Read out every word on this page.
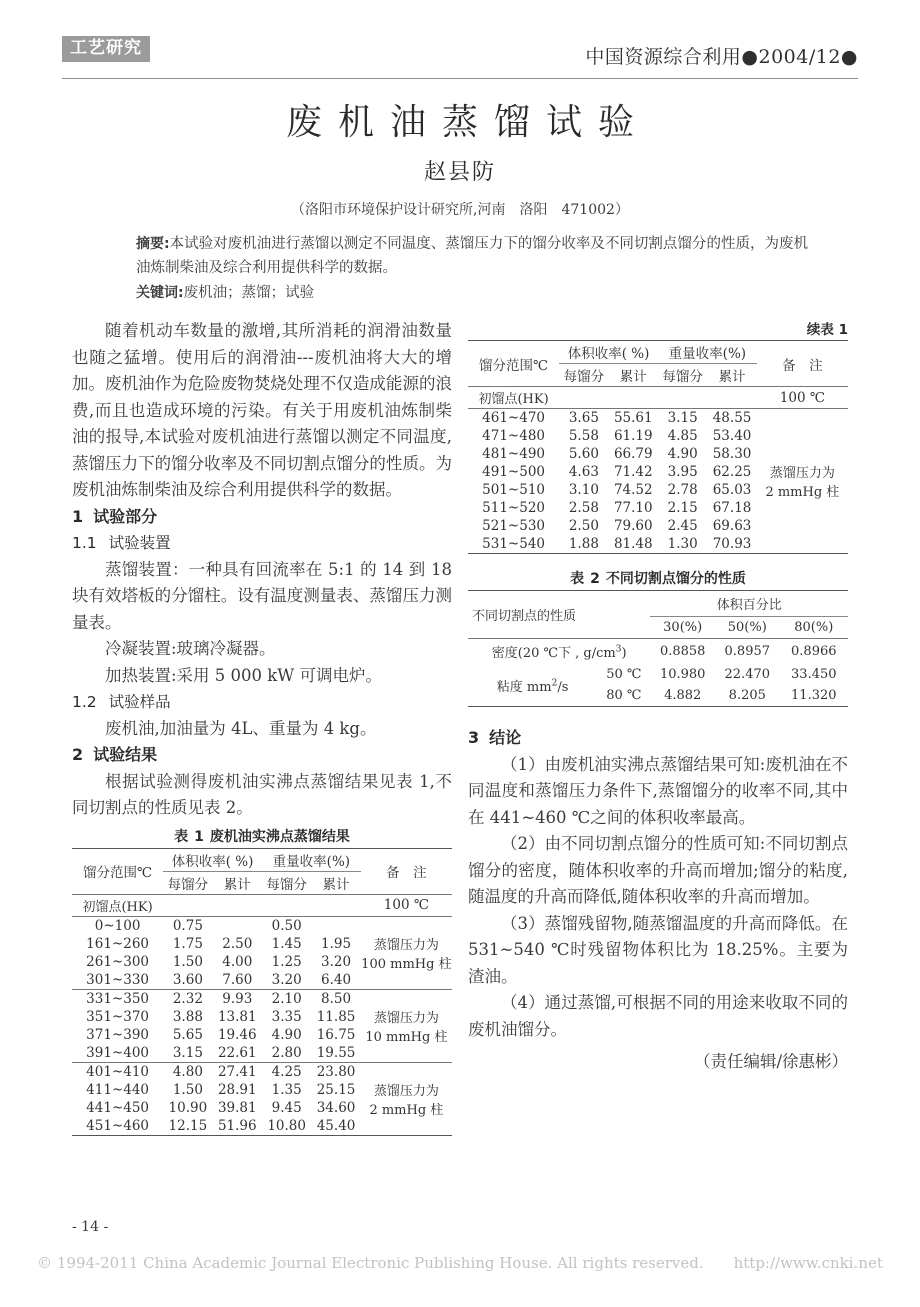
工艺研究	中国资源综合利用●2004/12●
废机油蒸馏试验
赵县防
（洛阳市环境保护设计研究所,河南　洛阳　471002）
摘要:本试验对废机油进行蒸馏以测定不同温度、蒸馏压力下的馏分收率及不同切割点馏分的性质，为废机油炼制柴油及综合利用提供科学的数据。
关键词:废机油；蒸馏；试验

随着机动车数量的激增,其所消耗的润滑油数量也随之猛增。使用后的润滑油---废机油将大大的增加。废机油作为危险废物焚烧处理不仅造成能源的浪费,而且也造成环境的污染。有关于用废机油炼制柴油的报导,本试验对废机油进行蒸馏以测定不同温度,蒸馏压力下的馏分收率及不同切割点馏分的性质。为废机油炼制柴油及综合利用提供科学的数据。

1 试验部分
1.1 试验装置

蒸馏装置：一种具有回流率在 5:1 的 14 到 18 块有效塔板的分馏柱。设有温度测量表、蒸馏压力测量表。

冷凝装置:玻璃冷凝器。

加热装置:采用 5 000 kW 可调电炉。

1.2 试验样品

废机油,加油量为 4L、重量为 4 kg。

2 试验结果

根据试验测得废机油实沸点蒸馏结果见表 1,不同切割点的性质见表 2。

表 1 废机油实沸点蒸馏结果
馏分范围℃	体积收率( %)		重量收率(%)		备　注
	每馏分	累计	每馏分	累计	
初馏点(HK)					100 ℃
0~100	0.75		0.50		蒸馏压力为
100 mmHg 柱

161~260	1.75	2.50	1.45	1.95	
261~300	1.50	4.00	1.25	3.20	
301~330	3.60	7.60	3.20	6.40	
331~350	2.32	9.93	2.10	8.50	蒸馏压力为
10 mmHg 柱

351~370	3.88	13.81	3.35	11.85	
371~390	5.65	19.46	4.90	16.75	
391~400	3.15	22.61	2.80	19.55	
401~410	4.80	27.41	4.25	23.80	蒸馏压力为
2 mmHg 柱

411~440	1.50	28.91	1.35	25.15	
441~450	10.90	39.81	9.45	34.60	
451~460	12.15	51.96	10.80	45.40	
续表 1
馏分范围℃	体积收率( %)		重量收率(%)		备　注
	每馏分	累计	每馏分	累计	
初馏点(HK)					100 ℃
461~470	3.65	55.61	3.15	48.55	蒸馏压力为
2 mmHg 柱

471~480	5.58	61.19	4.85	53.40	
481~490	5.60	66.79	4.90	58.30	
491~500	4.63	71.42	3.95	62.25	
501~510	3.10	74.52	2.78	65.03	
511~520	2.58	77.10	2.15	67.18	
521~530	2.50	79.60	2.45	69.63	
531~540	1.88	81.48	1.30	70.93	
表 2 不同切割点馏分的性质
不同切割点的性质		体积百分比		
		30(%)	50(%)	80(%)
密度(20 ℃下 , $g/cm^3$)		0.8858	0.8957	0.8966
粘度 $mm^2/s$	50 ℃	10.980	22.470	33.450
	80 ℃	4.882	8.205	11.320
3 结论

（1）由废机油实沸点蒸馏结果可知:废机油在不同温度和蒸馏压力条件下,蒸馏馏分的收率不同,其中在 441~460 ℃之间的体积收率最高。

（2）由不同切割点馏分的性质可知:不同切割点馏分的密度，随体积收率的升高而增加;馏分的粘度,随温度的升高而降低,随体积收率的升高而增加。

（3）蒸馏残留物,随蒸馏温度的升高而降低。在 531~540 ℃时残留物体积比为 18.25%。主要为渣油。

（4）通过蒸馏,可根据不同的用途来收取不同的废机油馏分。

（责任编辑/徐惠彬）

- 14 -
© 1994-2011 China Academic Journal Electronic Publishing House. All rights reserved.　　http://www.cnki.net
